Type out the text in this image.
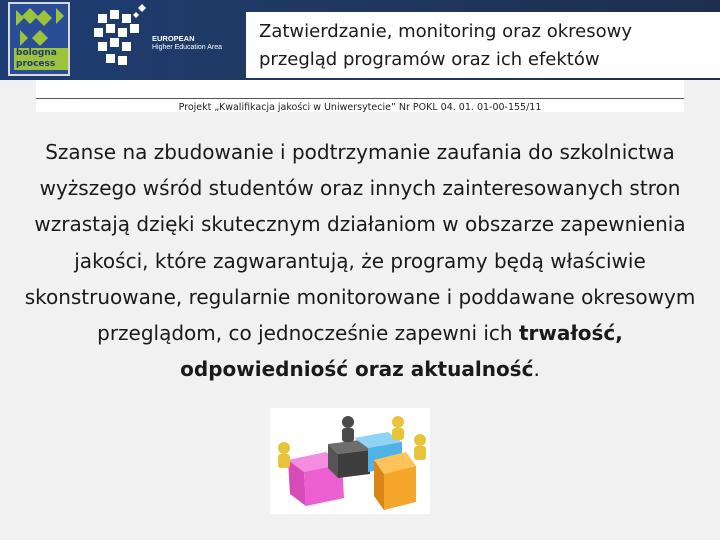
bologna process
EUROPEAN
Higher Education Area
Zatwierdzanie, monitoring oraz okresowy
przegląd programów oraz ich efektów
Projekt „Kwalifikacja jakości w Uniwersytecie” Nr POKL 04. 01. 01-00-155/11
Szanse na zbudowanie i podtrzymanie zaufania do szkolnictwa wyższego wśród studentów oraz innych zainteresowanych stron wzrastają dzięki skutecznym działaniom w obszarze zapewnienia jakości, które zagwarantują, że programy będą właściwie skonstruowane, regularnie monitorowane i poddawane okresowym przeglądom, co jednocześnie zapewni ich trwałość, odpowiedniość oraz aktualność.
